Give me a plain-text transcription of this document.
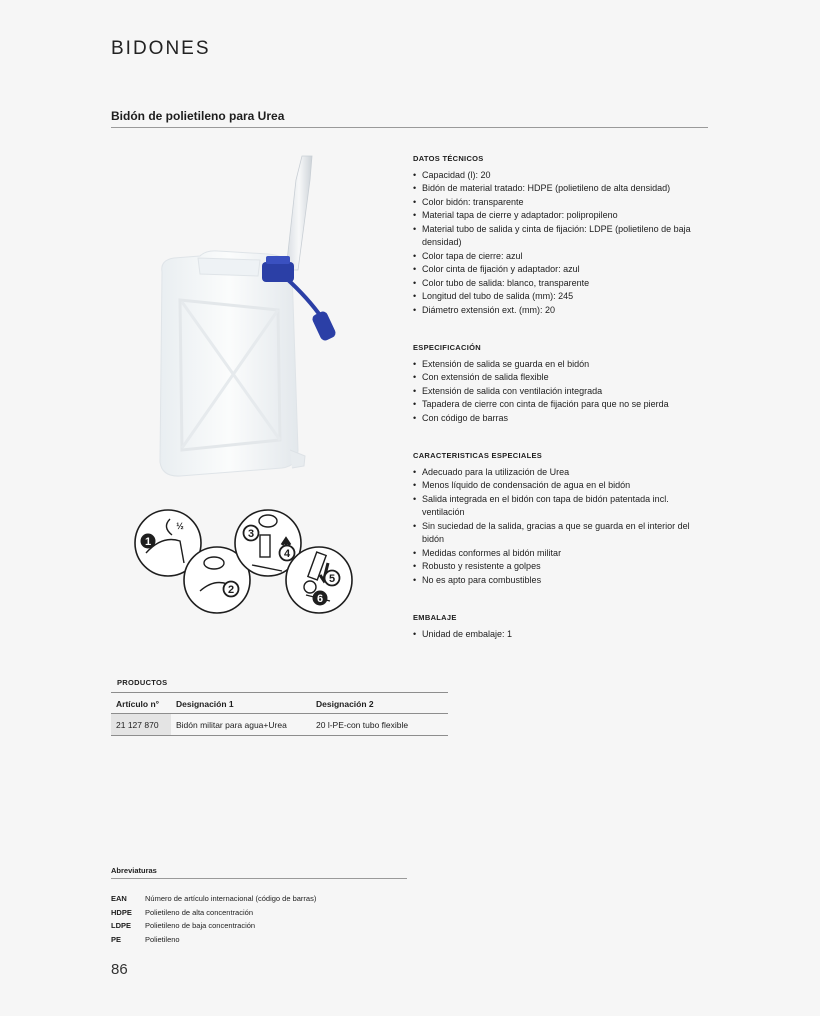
BIDONES
Bidón de polietileno para Urea
1
2
3
4
5
6
½
DATOS TÉCNICOS
• Capacidad (l): 20
• Bidón de material tratado: HDPE (polietileno de alta densidad)
• Color bidón: transparente
• Material tapa de cierre y adaptador: polipropileno
• Material tubo de salida y cinta de fijación: LDPE (polietileno de baja densidad)
• Color tapa de cierre: azul
• Color cinta de fijación y adaptador: azul
• Color tubo de salida: blanco, transparente
• Longitud del tubo de salida (mm): 245
• Diámetro extensión ext. (mm): 20
ESPECIFICACIÓN
• Extensión de salida se guarda en el bidón
• Con extensión de salida flexible
• Extensión de salida con ventilación integrada
• Tapadera de cierre con cinta de fijación para que no se pierda
• Con código de barras
CARACTERISTICAS ESPECIALES
• Adecuado para la utilización de Urea
• Menos líquido de condensación de agua en el bidón
• Salida integrada en el bidón con tapa de bidón patentada incl. ventilación
• Sin suciedad de la salida, gracias a que se guarda en el interior del bidón
• Medidas conformes al bidón militar
• Robusto y resistente a golpes
• No es apto para combustibles
EMBALAJE
• Unidad de embalaje: 1
PRODUCTOS
Artículo n°	Designación 1	Designación 2
21 127 870	Bidón militar para agua+Urea	20 l-PE-con tubo flexible
Abreviaturas
EAN	Número de artículo internacional (código de barras)
HDPE	Polietileno de alta concentración
LDPE	Polietileno de baja concentración
PE	Polietileno
86
